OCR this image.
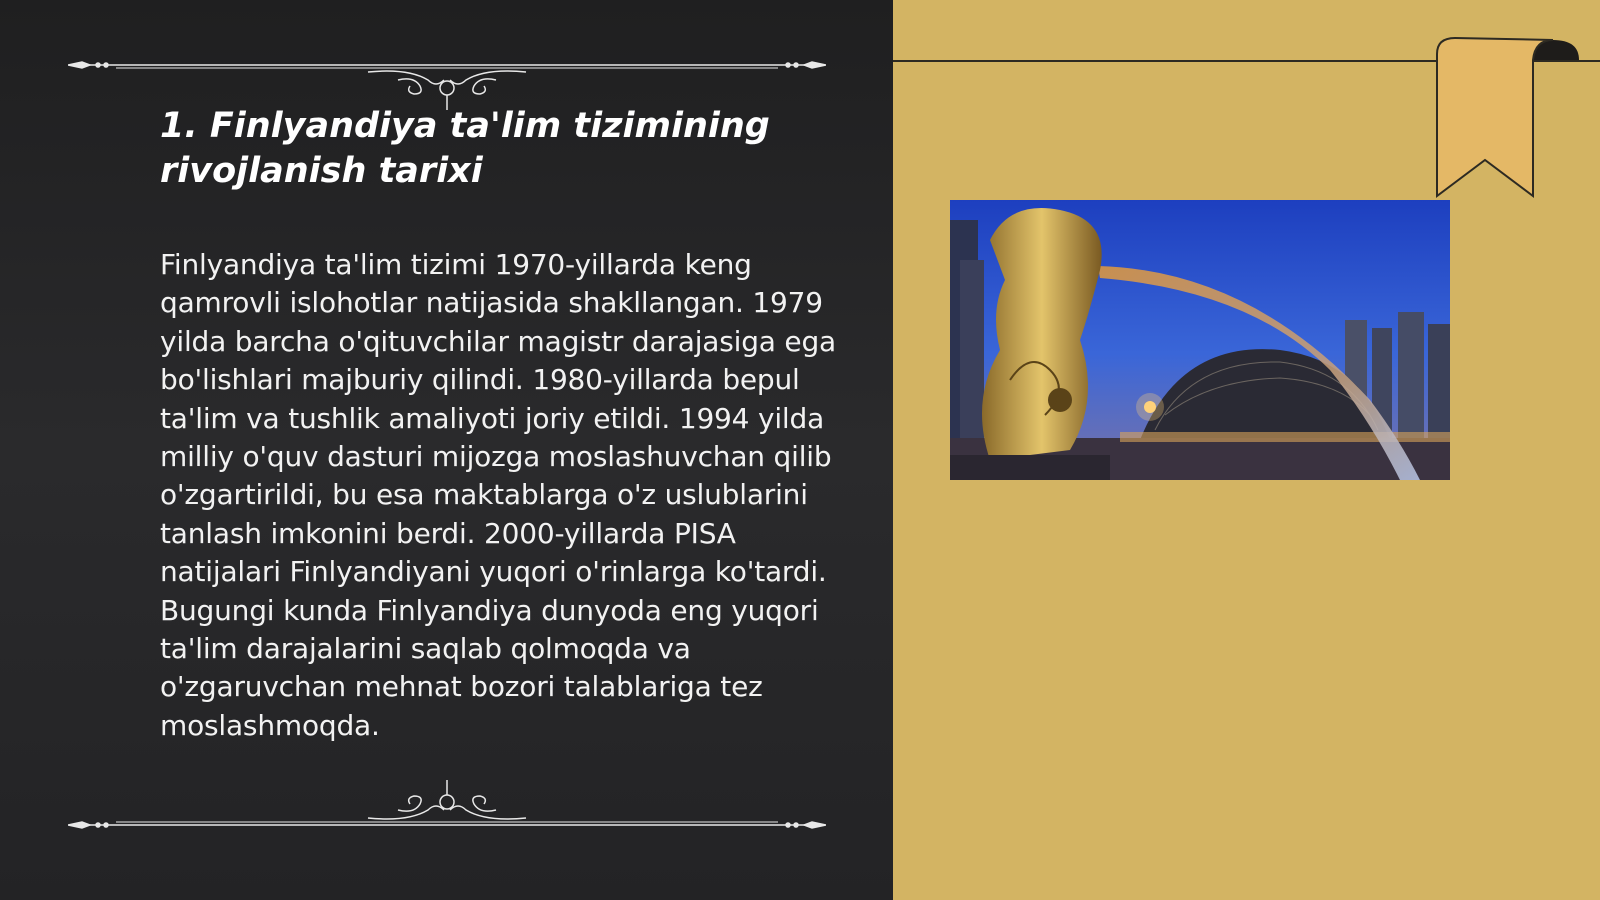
1. Finlyandiya ta'lim tizimining rivojlanish tarixi

Finlyandiya ta'lim tizimi 1970-yillarda keng qamrovli islohotlar natijasida shakllangan. 1979 yilda barcha o'qituvchilar magistr darajasiga ega bo'lishlari majburiy qilindi. 1980-yillarda bepul ta'lim va tushlik amaliyoti joriy etildi. 1994 yilda milliy o'quv dasturi mijozga moslashuvchan qilib o'zgartirildi, bu esa maktablarga o'z uslublarini tanlash imkonini berdi. 2000-yillarda PISA natijalari Finlyandiyani yuqori o'rinlarga ko'tardi. Bugungi kunda Finlyandiya dunyoda eng yuqori ta'lim darajalarini saqlab qolmoqda va o'zgaruvchan mehnat bozori talablariga tez moslashmoqda.
